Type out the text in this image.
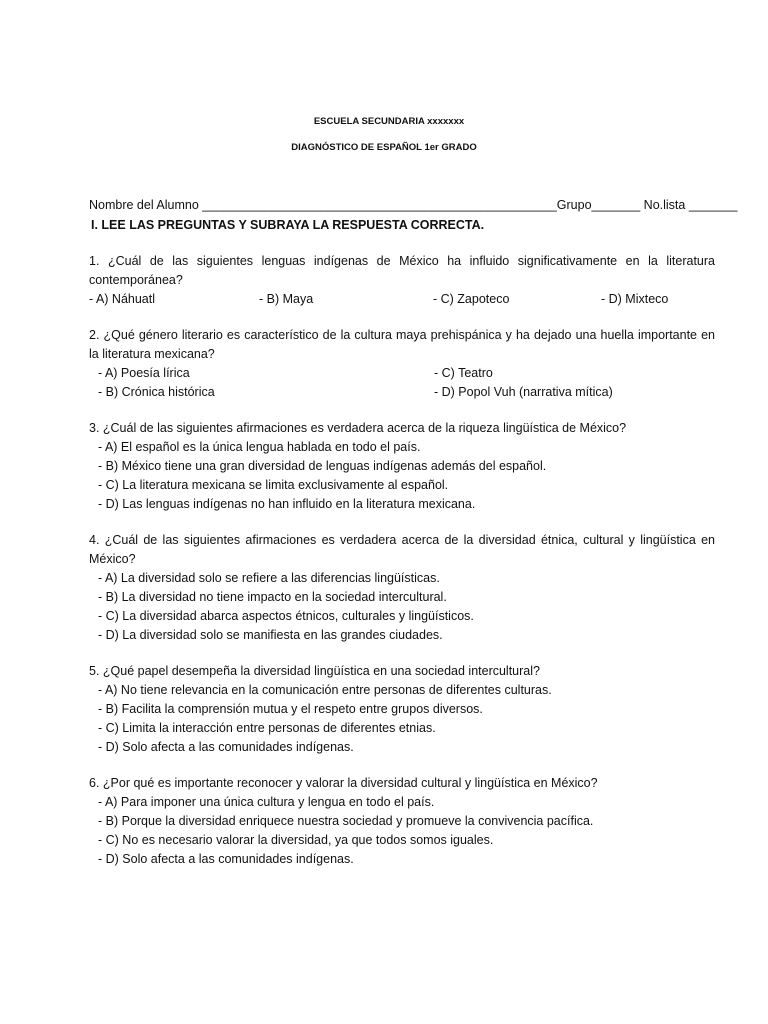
ESCUELA SECUNDARIA xxxxxxx
DIAGNÓSTICO DE ESPAÑOL 1er GRADO
Nombre del Alumno ___________________________________________________Grupo_______ No.lista _______
I. LEE LAS PREGUNTAS Y SUBRAYA LA RESPUESTA CORRECTA.
1. ¿Cuál de las siguientes lenguas indígenas de México ha influido significativamente en la literatura contemporánea?
- A) Náhuatl	- B) Maya	- C) Zapoteco	- D) Mixteco
2. ¿Qué género literario es característico de la cultura maya prehispánica y ha dejado una huella importante en la literatura mexicana?
- A) Poesía lírica	- C) Teatro
- B) Crónica histórica	- D) Popol Vuh (narrativa mítica)
3. ¿Cuál de las siguientes afirmaciones es verdadera acerca de la riqueza lingüística de México?
- A) El español es la única lengua hablada en todo el país.
- B) México tiene una gran diversidad de lenguas indígenas además del español.
- C) La literatura mexicana se limita exclusivamente al español.
- D) Las lenguas indígenas no han influido en la literatura mexicana.
4. ¿Cuál de las siguientes afirmaciones es verdadera acerca de la diversidad étnica, cultural y lingüística en México?
- A) La diversidad solo se refiere a las diferencias lingüísticas.
- B) La diversidad no tiene impacto en la sociedad intercultural.
- C) La diversidad abarca aspectos étnicos, culturales y lingüísticos.
- D) La diversidad solo se manifiesta en las grandes ciudades.
5. ¿Qué papel desempeña la diversidad lingüística en una sociedad intercultural?
- A) No tiene relevancia en la comunicación entre personas de diferentes culturas.
- B) Facilita la comprensión mutua y el respeto entre grupos diversos.
- C) Limita la interacción entre personas de diferentes etnias.
- D) Solo afecta a las comunidades indígenas.
6. ¿Por qué es importante reconocer y valorar la diversidad cultural y lingüística en México?
- A) Para imponer una única cultura y lengua en todo el país.
- B) Porque la diversidad enriquece nuestra sociedad y promueve la convivencia pacífica.
- C) No es necesario valorar la diversidad, ya que todos somos iguales.
- D) Solo afecta a las comunidades indígenas.
